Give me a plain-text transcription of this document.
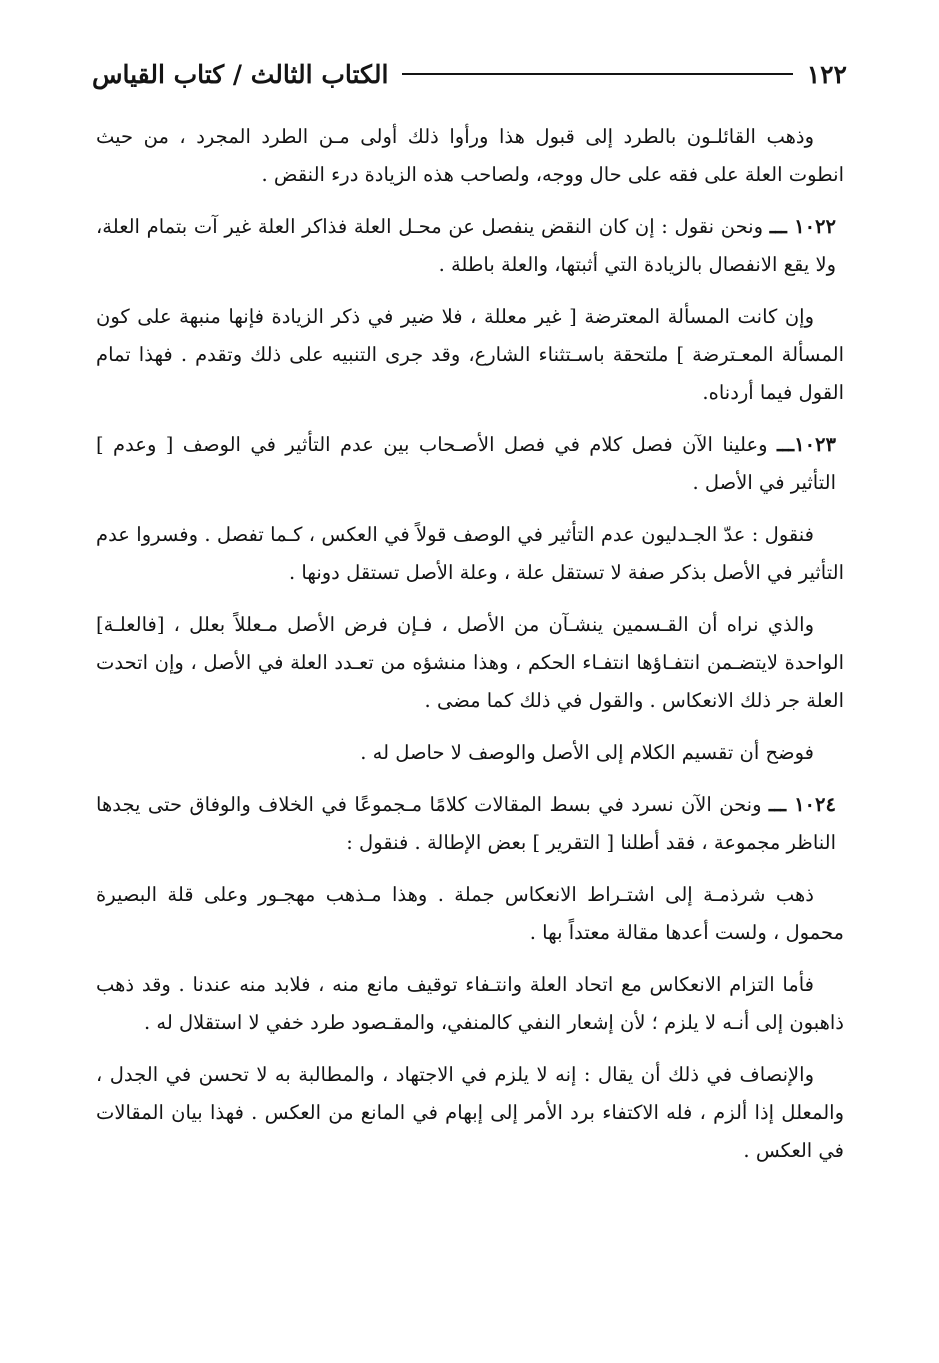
١٢٢
الكتاب الثالث / كتاب القياس

وذهب القائلـون بالطرد إلى قبول هذا ورأوا ذلك أولى مـن الطرد المجرد ، من حيث انطوت العلة على فقه على حال ووجه، ولصاحب هذه الزيادة درء النقض .

١٠٢٢ ـــ ونحن نقول : إن كان النقض ينفصل عن محـل العلة فذاكر العلة غير آت بتمام العلة، ولا يقع الانفصال بالزيادة التي أثبتها، والعلة باطلة .

وإن كانت المسألة المعترضة [ غير معللة ، فلا ضير في ذكر الزيادة فإنها منبهة على كون المسألة المعـترضة ] ملتحقة باسـتثناء الشارع، وقد جرى التنبيه على ذلك وتقدم . فهذا تمام القول فيما أردناه.

١٠٢٣ـــ وعلينا الآن فصل كلام في فصل الأصـحاب بين عدم التأثير في الوصف [ وعدم ] التأثير في الأصل .

فنقول : عدّ الجـدليون عدم التأثير في الوصف قولاً في العكس ، كـما تفصل . وفسروا عدم التأثير في الأصل بذكر صفة لا تستقل علة ، وعلة الأصل تستقل دونها .

والذي نراه أن القـسمين ينشـآن من الأصل ، فـإن فرض الأصل مـعللاً بعلل ، [فالعلـة] الواحدة لايتضـمن انتفـاؤها انتفـاء الحكم ، وهذا منشؤه من تعـدد العلة في الأصل ، وإن اتحدت العلة جر ذلك الانعكاس . والقول في ذلك كما مضى .

فوضح أن تقسيم الكلام إلى الأصل والوصف لا حاصل له .

١٠٢٤ ـــ ونحن الآن نسرد في بسط المقالات كلامًا مـجموعًا في الخلاف والوفاق حتى يجدها الناظر مجموعة ، فقد أطلنا [ التقرير ] بعض الإطالة . فنقول :

ذهب شرذمـة إلى اشتـراط الانعكاس جملة . وهذا مـذهب مهجـور وعلى قلة البصيرة محمول ، ولست أعدها مقالة معتداً بها .

فأما التزام الانعكاس مع اتحاد العلة وانتـفاء توقيف مانع منه ، فلابد منه عندنا . وقد ذهب ذاهبون إلى أنـه لا يلزم ؛ لأن إشعار النفي كالمنفي، والمقـصود طرد خفي لا استقلال له .

والإنصاف في ذلك أن يقال : إنه لا يلزم في الاجتهاد ، والمطالبة به لا تحسن في الجدل ، والمعلل إذا ألزم ، فله الاكتفاء برد الأمر إلى إبهام في المانع من العكس . فهذا بيان المقالات في العكس .
